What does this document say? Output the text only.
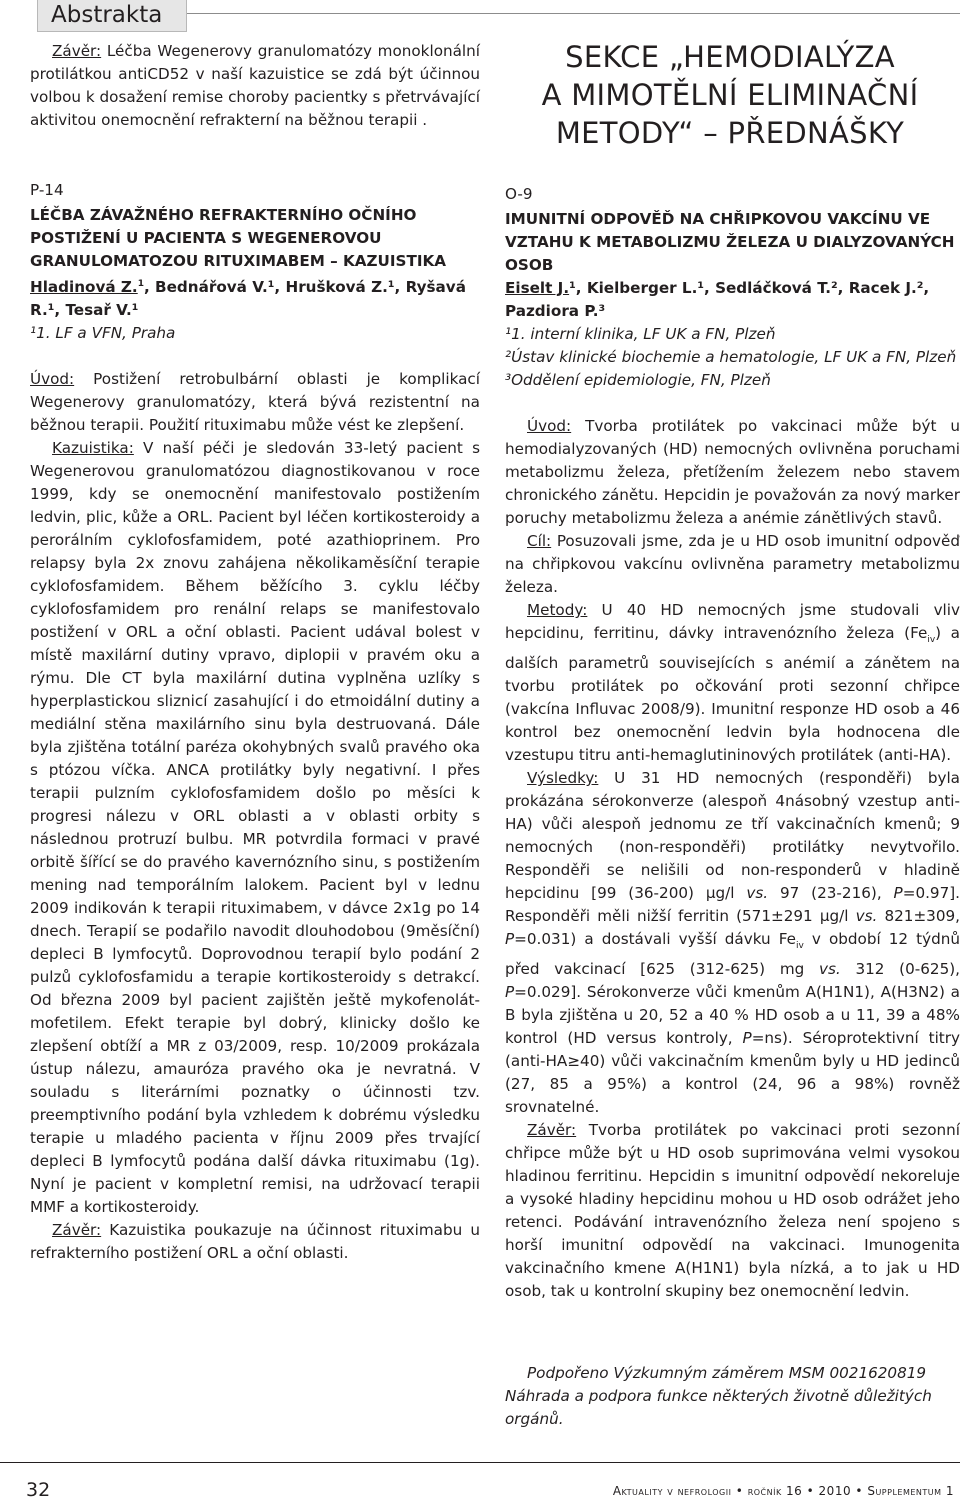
Abstrakta
SEKCE „HEMODIALÝZA
A MIMOTĚLNÍ ELIMINAČNÍ
METODY“ – PŘEDNÁŠKY

Závěr: Léčba Wegenerovy granulomatózy monoklonální protilátkou antiCD52 v naší kazuistice se zdá být účinnou volbou k dosažení remise choroby pacientky s přetrvávající aktivitou onemocnění refrakterní na běžnou terapii .

P-14

LÉČBA ZÁVAŽNÉHO REFRAKTERNÍHO OČNÍHO POSTIŽENÍ U PACIENTA S WEGENEROVOU GRANULOMATOZOU RITUXIMABEM – KAZUISTIKA

Hladinová Z.$^1$, Bednářová V.¹, Hrušková Z.¹, Ryšavá R.¹, Tesař V.¹

¹1. LF a VFN, Praha

Úvod: Postižení retrobulbární oblasti je komplikací Wegenerovy granulomatózy, která bývá rezistentní na běžnou terapii. Použití rituximabu může vést ke zlepšení.

Kazuistika: V naší péči je sledován 33-letý pacient s Wegenerovou granulomatózou diagnostikovanou v roce 1999, kdy se onemocnění manifestovalo postižením ledvin, plic, kůže a ORL. Pacient byl léčen kortikosteroidy a perorálním cyklofosfamidem, poté azathioprinem. Pro relapsy byla 2x znovu zahájena několikaměsíční terapie cyklofosfamidem. Během běžícího 3. cyklu léčby cyklofosfamidem pro renální relaps se manifestovalo postižení v ORL a oční oblasti. Pacient udával bolest v místě maxilární dutiny vpravo, diplopii v pravém oku a rýmu. Dle CT byla maxilární dutina vyplněna uzlíky s hyperplastickou sliznicí zasahující i do etmoidální dutiny a mediální stěna maxilárního sinu byla destruovaná. Dále byla zjištěna totální paréza okohybných svalů pravého oka s ptózou víčka. ANCA protilátky byly negativní. I přes terapii pulzním cyklofosfamidem došlo po měsíci k progresi nálezu v ORL oblasti a v oblasti orbity s následnou protruzí bulbu. MR potvrdila formaci v pravé orbitě šířící se do pravého kavernózního sinu, s postižením mening nad temporálním lalokem. Pacient byl v lednu 2009 indikován k terapii rituximabem, v dávce 2x1g po 14 dnech. Terapií se podařilo navodit dlouhodobou (9měsíční) depleci B lymfocytů. Doprovodnou terapií bylo podání 2 pulzů cyklofosfamidu a terapie kortikosteroidy s detrakcí. Od března 2009 byl pacient zajištěn ještě mykofenolát-mofetilem. Efekt terapie byl dobrý, klinicky došlo ke zlepšení obtíží a MR z 03/2009, resp. 10/2009 prokázala ústup nálezu, amauróza pravého oka je nevratná. V souladu s literárními poznatky o účinnosti tzv. preemptivního podání byla vzhledem k dobrému výsledku terapie u mladého pacienta v říjnu 2009 přes trvající depleci B lymfocytů podána další dávka rituximabu (1g). Nyní je pacient v kompletní remisi, na udržovací terapii MMF a kortikosteroidy.

Závěr: Kazuistika poukazuje na účinnost rituximabu u refrakterního postižení ORL a oční oblasti.

O-9

IMUNITNÍ ODPOVĚĎ NA CHŘIPKOVOU VAKCÍNU VE VZTAHU K METABOLIZMU ŽELEZA U DIALYZOVANÝCH OSOB

Eiselt J.¹, Kielberger L.¹, Sedláčková T.², Racek J.², Pazdiora P.³

¹1. interní klinika, LF UK a FN, Plzeň

²Ústav klinické biochemie a hematologie, LF UK a FN, Plzeň

³Oddělení epidemiologie, FN, Plzeň

Úvod: Tvorba protilátek po vakcinaci může být u hemodialyzovaných (HD) nemocných ovlivněna poruchami metabolizmu železa, přetížením železem nebo stavem chronického zánětu. Hepcidin je považován za nový marker poruchy metabolizmu železa a anémie zánětlivých stavů.

Cíl: Posuzovali jsme, zda je u HD osob imunitní odpověď na chřipkovou vakcínu ovlivněna parametry metabolizmu železa.

Metody: U 40 HD nemocných jsme studovali vliv hepcidinu, ferritinu, dávky intravenózního železa $(Fe_{iv})$ a dalších parametrů souvisejících s anémií a zánětem na tvorbu protilátek po očkování proti sezonní chřipce (vakcína Influvac 2008/9). Imunitní responze HD osob a 46 kontrol bez onemocnění ledvin byla hodnocena dle vzestupu titru anti-hemaglutininových protilátek (anti-HA).

Výsledky: U 31 HD nemocných (responděři) byla prokázána sérokonverze (alespoň 4násobný vzestup anti-HA) vůči alespoň jednomu ze tří vakcinačních kmenů; 9 nemocných (non-responděři) protilátky nevytvořilo. Responděři se nelišili od non-responderů v hladině hepcidinu [99 (36-200) µg/l vs. 97 (23-216), P=0.97]. Responděři měli nižší ferritin (571±291 µg/l vs. 821±309, P=0.031) a dostávali vyšší dávku $Fe_{iv}$ v období 12 týdnů před vakcinací [625 (312-625) mg vs. 312 (0-625), P=0.029]. Sérokonverze vůči kmenům A(H1N1), A(H3N2) a B byla zjištěna u 20, 52 a 40 % HD osob a u 11, 39 a 48% kontrol (HD versus kontroly, P=ns). Séroprotektivní titry (anti-HA≥40) vůči vakcinačním kmenům byly u HD jedinců (27, 85 a 95%) a kontrol (24, 96 a 98%) rovněž srovnatelné.

Závěr: Tvorba protilátek po vakcinaci proti sezonní chřipce může být u HD osob suprimována velmi vysokou hladinou ferritinu. Hepcidin s imunitní odpovědí nekoreluje a vysoké hladiny hepcidinu mohou u HD osob odrážet jeho retenci. Podávání intravenózního železa není spojeno s horší imunitní odpovědí na vakcinaci. Imunogenita vakcinačního kmene A(H1N1) byla nízká, a to jak u HD osob, tak u kontrolní skupiny bez onemocnění ledvin.

Podpořeno Výzkumným záměrem MSM 0021620819

Náhrada a podpora funkce některých životně důležitých orgánů.

32	Aktuality v nefrologii • ročník 16 • 2010 • Supplementum 1
